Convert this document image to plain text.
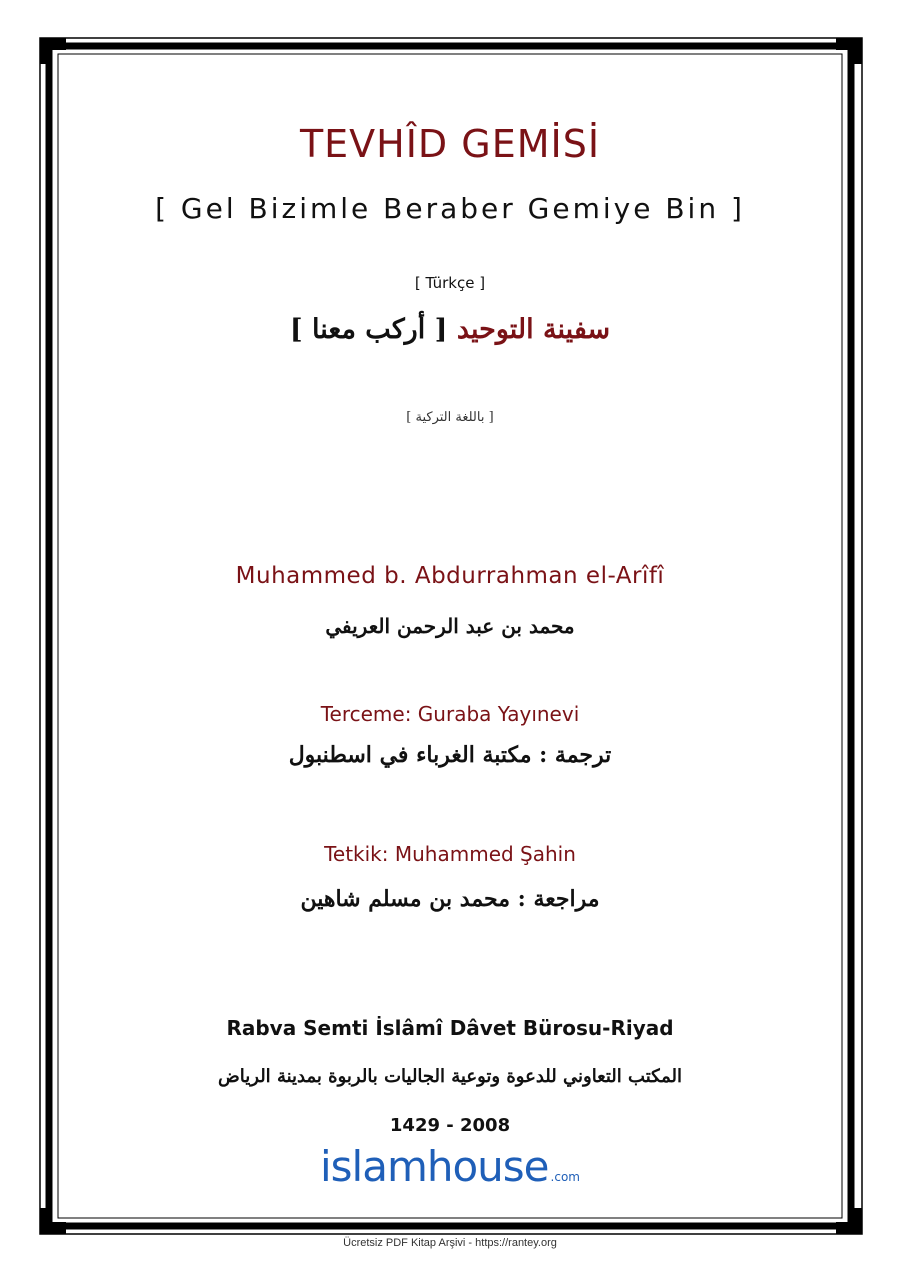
TEVHÎD GEMİSİ
[ Gel Bizimle Beraber Gemiye Bin ]
[ Türkçe ]
سفينة التوحيد [ أركب معنا ]
[ باللغة التركية ]
Muhammed b. Abdurrahman el-Arîfî
محمد بن عبد الرحمن العريفي
Terceme: Guraba Yayınevi
ترجمة : مكتبة الغرباء في اسطنبول
Tetkik: Muhammed Şahin
مراجعة : محمد بن مسلم شاهين
Rabva Semti İslâmî Dâvet Bürosu-Riyad
المكتب التعاوني للدعوة وتوعية الجاليات بالربوة بمدينة الرياض
1429 - 2008
islamhouse .com
Ücretsiz PDF Kitap Arşivi - https://rantey.org
